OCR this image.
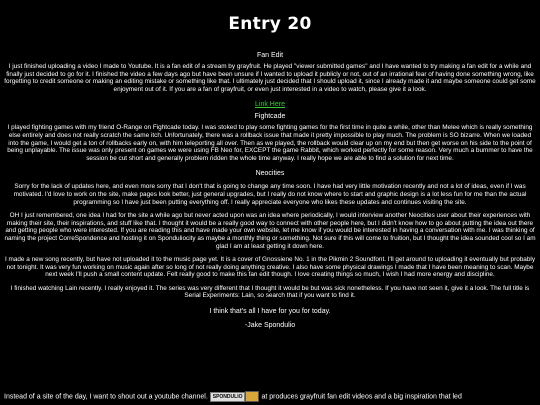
Entry 20
Fan Edit

I just finished uploading a video I made to Youtube. It is a fan edit of a stream by grayfruit. He played "viewer submitted games" and I have wanted to try making a fan edit for a while and finally just decided to go for it. I finished the video a few days ago but have been unsure if I wanted to upload it publicly or not, out of an irrational fear of having done something wrong, like forgetting to credit someone or making an editing mistake or something like that. I ultimately just decided that I should upload it, since I already made it and maybe someone could get some enjoyment out of it. If you are a fan of grayfruit, or even just interested in a video to watch, please give it a look.

Link Here
Fightcade

I played fighting games with my friend O-Range on Fightcade today. I was stoked to play some fighting games for the first time in quite a while, other than Melee which is really something else entirely and does not really scratch the same itch. Unfortunately, there was a rollback issue that made it pretty impossible to play much. The problem is SO bizarre. When we loaded into the game, I would get a ton of rollbacks early on, with him teleporting all over. Then as we played, the rollback would clear up on my end but then get worse on his side to the point of being unplayable. The issue was only present on games we were using FB Neo for, EXCEPT the game Rabbit, which worked perfectly for some reason. Very much a bummer to have the session be cut short and generally problem ridden the whole time anyway. I really hope we are able to find a solution for next time.

Neocities

Sorry for the lack of updates here, and even more sorry that I don't that is going to change any time soon. I have had very little motivation recently and not a lot of ideas, even if I was motivated. I'd love to work on the site, make pages look better, just general upgrades, but I really do not know where to start and graphic design is a lot less fun for me than the actual programming so I have just been putting everything off. I really appreciate everyone who likes these updates and continues visiting the site.

OH I just remembered, one idea I had for the site a while ago but never acted upon was an idea where periodically, I would interview another Neocities user about their experiences with making their site, their inspirations, and stuff like that. I thought it would be a really good way to connect with other people here, but I didn't know how to go about putting the idea out there and getting people who were interested. If you are reading this and have made your own website, let me know if you would be interested in having a conversation with me. I was thinking of naming the project CorreSpondence and hosting it on Sponduliocity as maybe a monthly thing or something. Not sure if this will come to fruition, but I thought the idea sounded cool so I am glad I am at least getting it down here.

I made a new song recently, but have not uploaded it to the music page yet. It is a cover of Gnossiene No. 1 in the Pikmin 2 Soundfont. I'll get around to uploading it eventually but probably not tonight. It was very fun working on music again after so long of not really doing anything creative. I also have some physical drawings I made that I have been meaning to scan. Maybe next week I'll push a small content update. Felt really good to make this fan edit though. I love creating things so much, I wish I had more energy and discipline.

I finished watching Lain recently. I really enjoyed it. The series was very different that I thought it would be but was sick nonetheless. If you have not seen it, give it a look. The full title is Serial Experiments: Lain, so search that if you want to find it.

I think that's all I have for you for today.
-Jake Spondulio
Instead of a site of the day, I want to shout out a youtube channel. SPONDULIO	at produces grayfruit fan edit videos and a big inspiration that led
